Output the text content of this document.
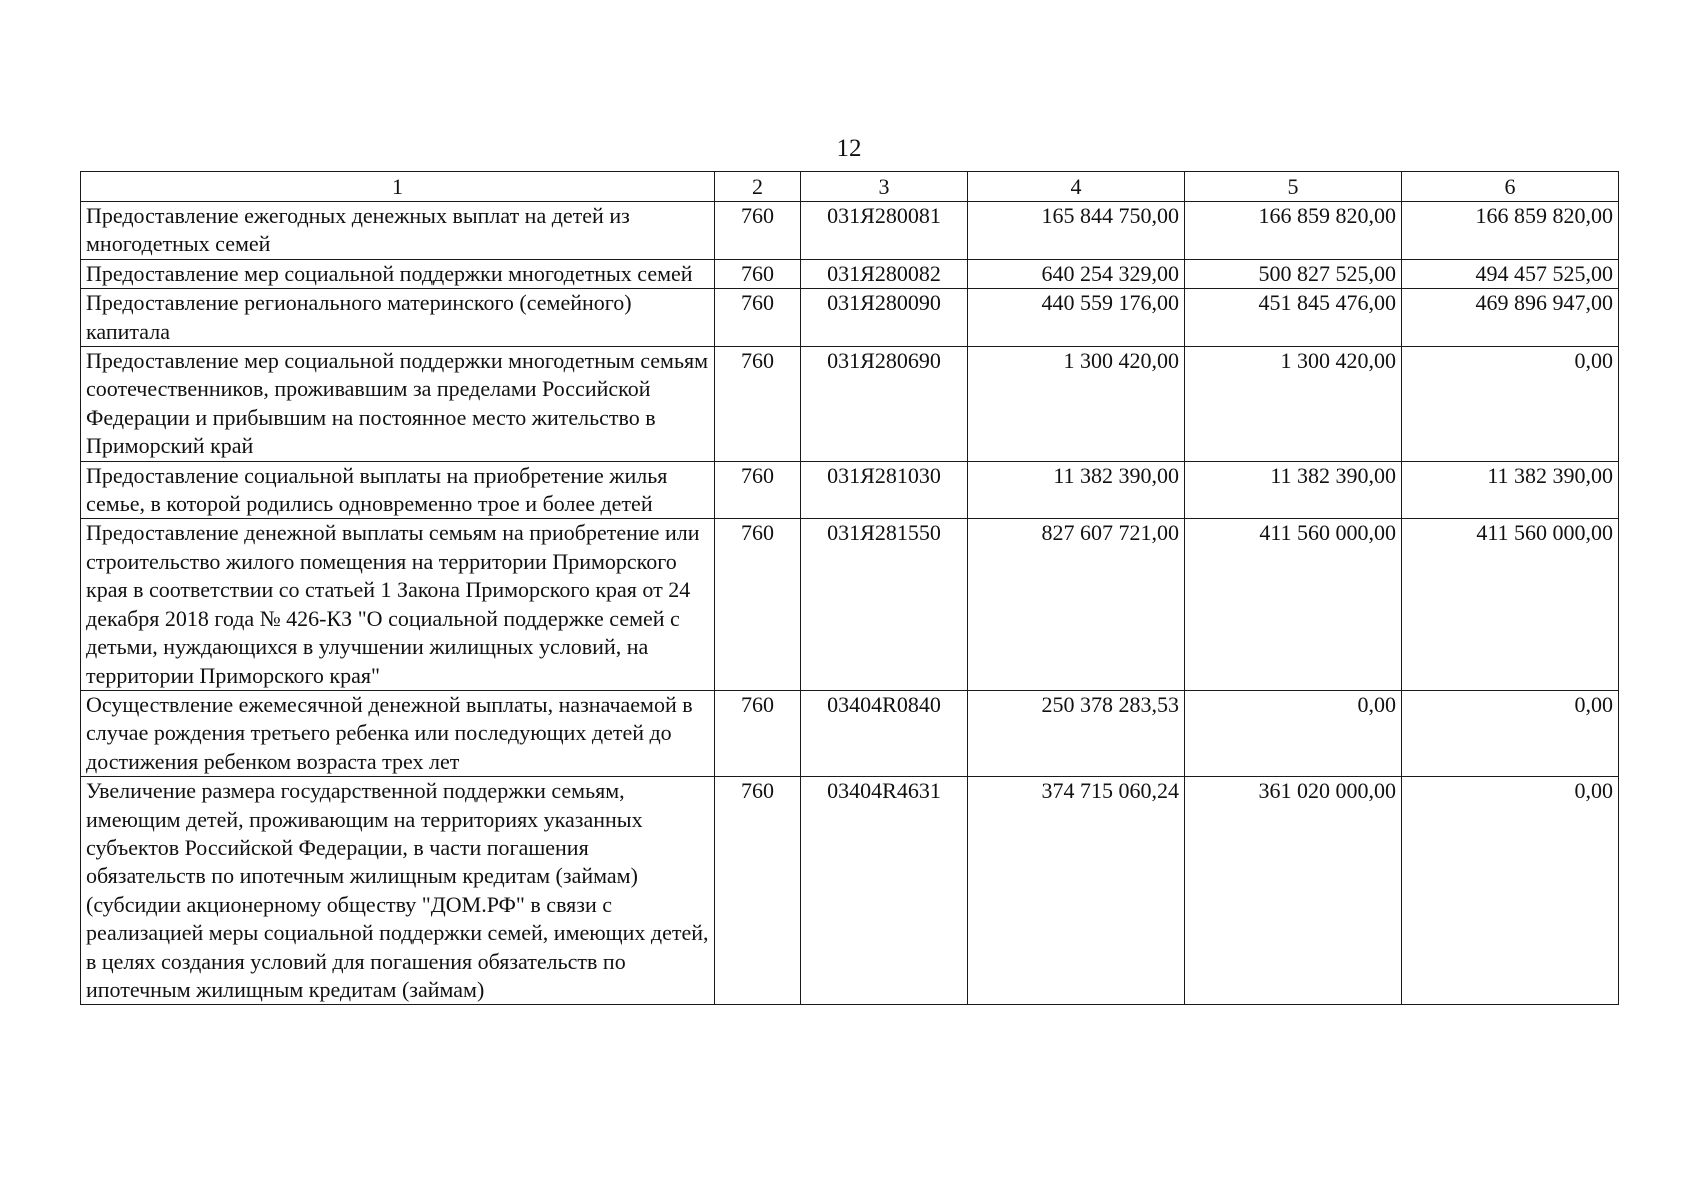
12
1	2	3	4	5	6
Предоставление ежегодных денежных выплат на детей из многодетных семей	760	031Я280081	165 844 750,00	166 859 820,00	166 859 820,00
Предоставление мер социальной поддержки многодетных семей	760	031Я280082	640 254 329,00	500 827 525,00	494 457 525,00
Предоставление регионального материнского (семейного) капитала	760	031Я280090	440 559 176,00	451 845 476,00	469 896 947,00
Предоставление мер социальной поддержки многодетным семьям соотечественников, проживавшим за пределами Российской Федерации и прибывшим на постоянное место жительство в Приморский край	760	031Я280690	1 300 420,00	1 300 420,00	0,00
Предоставление социальной выплаты на приобретение жилья семье, в которой родились одновременно трое и более детей	760	031Я281030	11 382 390,00	11 382 390,00	11 382 390,00
Предоставление денежной выплаты семьям на приобретение или строительство жилого помещения на территории Приморского края в соответствии со статьей 1 Закона Приморского края от 24 декабря 2018 года № 426-КЗ "О социальной поддержке семей с детьми, нуждающихся в улучшении жилищных условий, на территории Приморского края"	760	031Я281550	827 607 721,00	411 560 000,00	411 560 000,00
Осуществление ежемесячной денежной выплаты, назначаемой в случае рождения третьего ребенка или последующих детей до достижения ребенком возраста трех лет	760	03404R0840	250 378 283,53	0,00	0,00
Увеличение размера государственной поддержки семьям, имеющим детей, проживающим на территориях указанных субъектов Российской Федерации, в части погашения обязательств по ипотечным жилищным кредитам (займам) (субсидии акционерному обществу "ДОМ.РФ" в связи с реализацией меры социальной поддержки семей, имеющих детей, в целях создания условий для погашения обязательств по ипотечным жилищным кредитам (займам)	760	03404R4631	374 715 060,24	361 020 000,00	0,00
